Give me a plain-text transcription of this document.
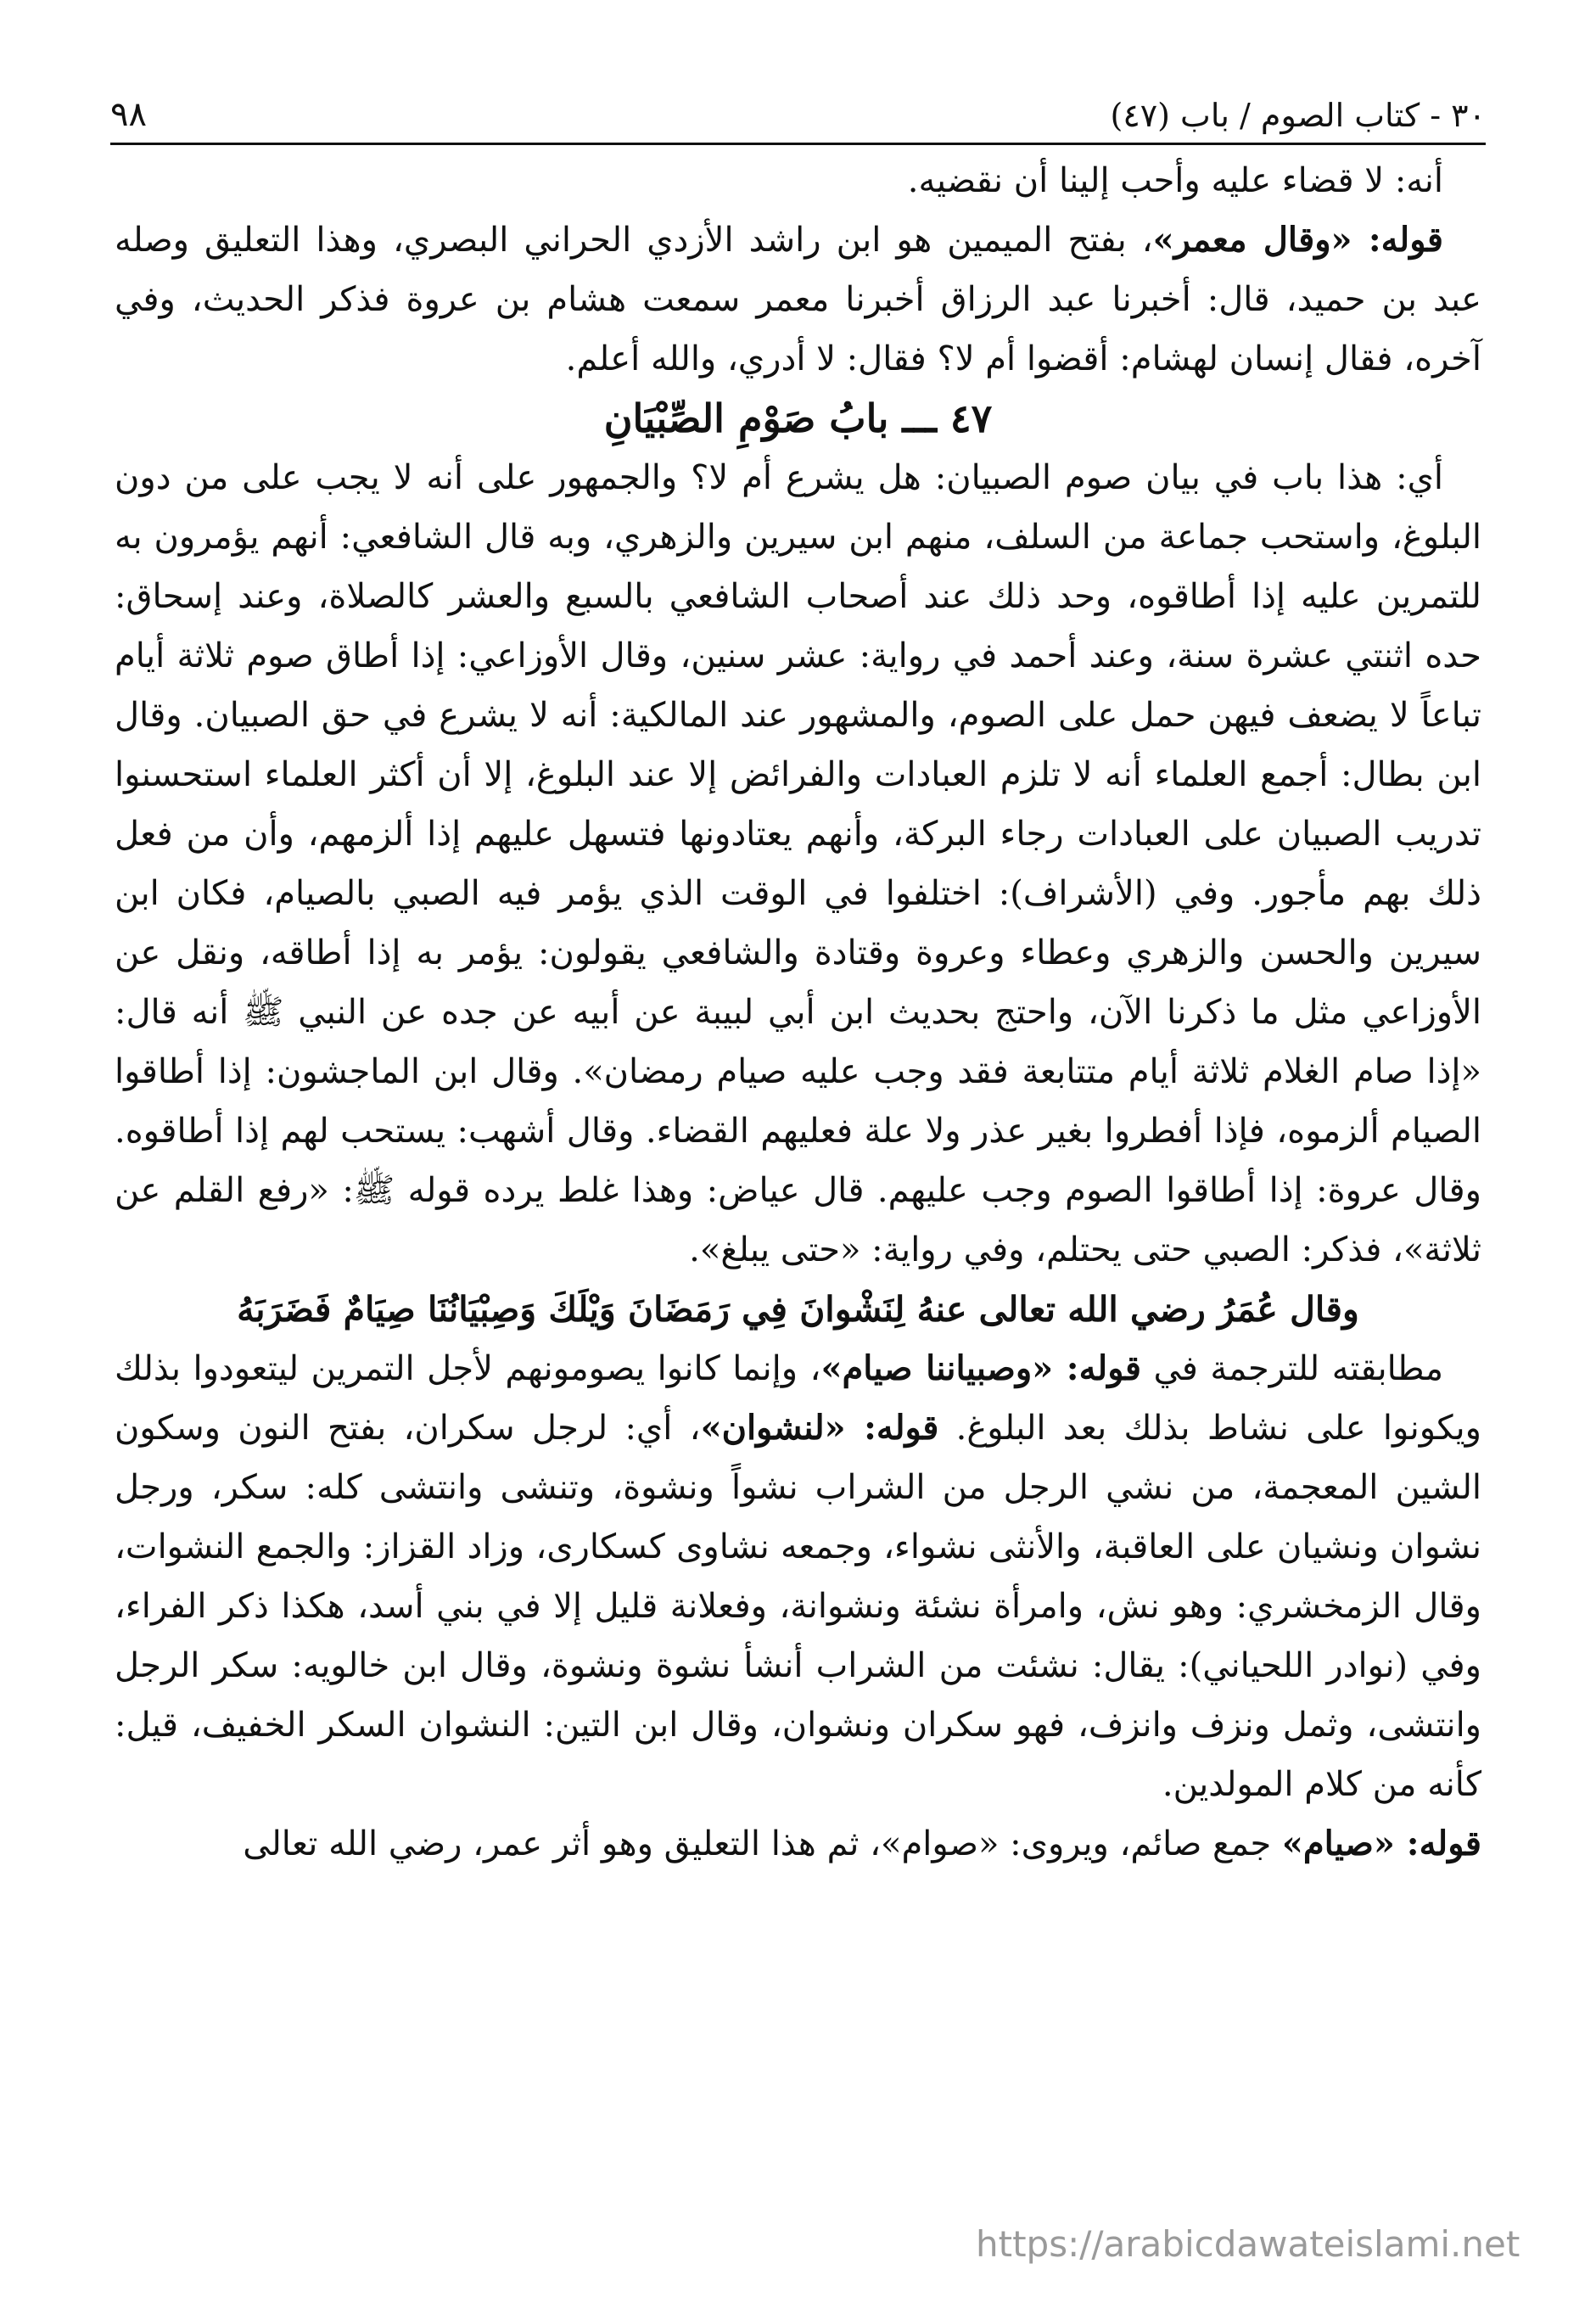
٣٠ - كتاب الصوم / باب (٤٧)
٩٨

أنه: لا قضاء عليه وأحب إلينا أن نقضيه.

قوله: «وقال معمر»، بفتح الميمين هو ابن راشد الأزدي الحراني البصري، وهذا التعليق وصله عبد بن حميد، قال: أخبرنا عبد الرزاق أخبرنا معمر سمعت هشام بن عروة فذكر الحديث، وفي آخره، فقال إنسان لهشام: أقضوا أم لا؟ فقال: لا أدري، والله أعلم.

٤٧ ـــ بابُ صَوْمِ الصِّبْيَانِ

أي: هذا باب في بيان صوم الصبيان: هل يشرع أم لا؟ والجمهور على أنه لا يجب على من دون البلوغ، واستحب جماعة من السلف، منهم ابن سيرين والزهري، وبه قال الشافعي: أنهم يؤمرون به للتمرين عليه إذا أطاقوه، وحد ذلك عند أصحاب الشافعي بالسبع والعشر كالصلاة، وعند إسحاق: حده اثنتي عشرة سنة، وعند أحمد في رواية: عشر سنين، وقال الأوزاعي: إذا أطاق صوم ثلاثة أيام تباعاً لا يضعف فيهن حمل على الصوم، والمشهور عند المالكية: أنه لا يشرع في حق الصبيان. وقال ابن بطال: أجمع العلماء أنه لا تلزم العبادات والفرائض إلا عند البلوغ، إلا أن أكثر العلماء استحسنوا تدريب الصبيان على العبادات رجاء البركة، وأنهم يعتادونها فتسهل عليهم إذا ألزمهم، وأن من فعل ذلك بهم مأجور. وفي (الأشراف): اختلفوا في الوقت الذي يؤمر فيه الصبي بالصيام، فكان ابن سيرين والحسن والزهري وعطاء وعروة وقتادة والشافعي يقولون: يؤمر به إذا أطاقه، ونقل عن الأوزاعي مثل ما ذكرنا الآن، واحتج بحديث ابن أبي لبيبة عن أبيه عن جده عن النبي ﷺ أنه قال: «إذا صام الغلام ثلاثة أيام متتابعة فقد وجب عليه صيام رمضان». وقال ابن الماجشون: إذا أطاقوا الصيام ألزموه، فإذا أفطروا بغير عذر ولا علة فعليهم القضاء. وقال أشهب: يستحب لهم إذا أطاقوه. وقال عروة: إذا أطاقوا الصوم وجب عليهم. قال عياض: وهذا غلط يرده قوله ﷺ: «رفع القلم عن ثلاثة»، فذكر: الصبي حتى يحتلم، وفي رواية: «حتى يبلغ».

وقال عُمَرُ رضي الله تعالى عنهُ لِنَشْوانَ فِي رَمَضَانَ وَيْلَكَ وَصِبْيَانُنَا صِيَامٌ فَضَرَبَهُ

مطابقته للترجمة في قوله: «وصبياننا صيام»، وإنما كانوا يصومونهم لأجل التمرين ليتعودوا بذلك ويكونوا على نشاط بذلك بعد البلوغ. قوله: «لنشوان»، أي: لرجل سكران، بفتح النون وسكون الشين المعجمة، من نشي الرجل من الشراب نشواً ونشوة، وتنشى وانتشى كله: سكر، ورجل نشوان ونشيان على العاقبة، والأنثى نشواء، وجمعه نشاوى كسكارى، وزاد القزاز: والجمع النشوات، وقال الزمخشري: وهو نش، وامرأة نشئة ونشوانة، وفعلانة قليل إلا في بني أسد، هكذا ذكر الفراء، وفي (نوادر اللحياني): يقال: نشئت من الشراب أنشأ نشوة ونشوة، وقال ابن خالويه: سكر الرجل وانتشى، وثمل ونزف وانزف، فهو سكران ونشوان، وقال ابن التين: النشوان السكر الخفيف، قيل: كأنه من كلام المولدين.

قوله: «صيام» جمع صائم، ويروى: «صوام»، ثم هذا التعليق وهو أثر عمر، رضي الله تعالى

https://arabicdawateislami.net
